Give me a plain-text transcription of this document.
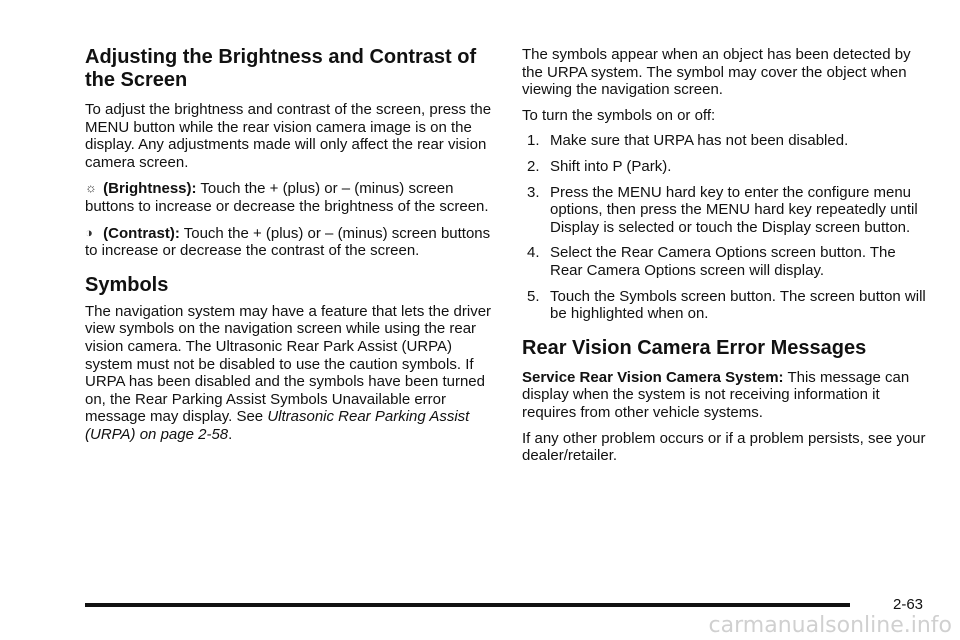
Adjusting the Brightness and Contrast of the Screen

To adjust the brightness and contrast of the screen, press the MENU button while the rear vision camera image is on the display. Any adjustments made will only affect the rear vision camera screen.

☼ (Brightness): Touch the + (plus) or – (minus) screen buttons to increase or decrease the brightness of the screen.

◑ (Contrast): Touch the + (plus) or – (minus) screen buttons to increase or decrease the contrast of the screen.

Symbols

The navigation system may have a feature that lets the driver view symbols on the navigation screen while using the rear vision camera. The Ultrasonic Rear Park Assist (URPA) system must not be disabled to use the caution symbols. If URPA has been disabled and the symbols have been turned on, the Rear Parking Assist Symbols Unavailable error message may display. See Ultrasonic Rear Parking Assist (URPA) on page 2-58.

The symbols appear when an object has been detected by the URPA system. The symbol may cover the object when viewing the navigation screen.

To turn the symbols on or off:

1. Make sure that URPA has not been disabled.
2. Shift into P (Park).
3. Press the MENU hard key to enter the configure menu options, then press the MENU hard key repeatedly until Display is selected or touch the Display screen button.
4. Select the Rear Camera Options screen button. The Rear Camera Options screen will display.
5. Touch the Symbols screen button. The screen button will be highlighted when on.
Rear Vision Camera Error Messages

Service Rear Vision Camera System: This message can display when the system is not receiving information it requires from other vehicle systems.

If any other problem occurs or if a problem persists, see your dealer/retailer.

2-63
carmanualsonline.info
